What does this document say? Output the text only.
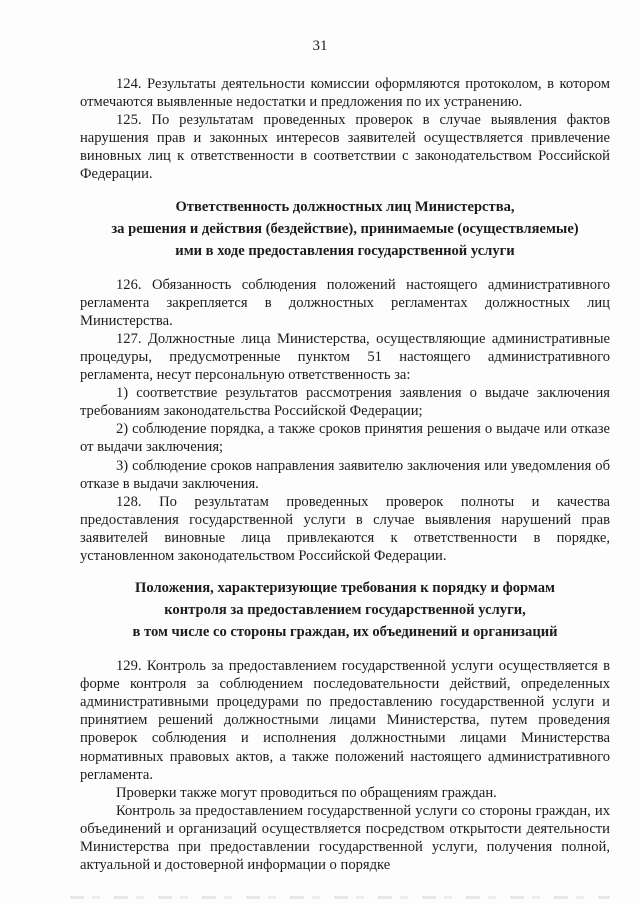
31

124. Результаты деятельности комиссии оформляются протоколом, в котором отмечаются выявленные недостатки и предложения по их устранению.

125. По результатам проведенных проверок в случае выявления фактов нарушения прав и законных интересов заявителей осуществляется привлечение виновных лиц к ответственности в соответствии с законодательством Российской Федерации.

Ответственность должностных лиц Министерства,
за решения и действия (бездействие), принимаемые (осуществляемые)
ими в ходе предоставления государственной услуги

126. Обязанность соблюдения положений настоящего административного регламента закрепляется в должностных регламентах должностных лиц Министерства.

127. Должностные лица Министерства, осуществляющие административные процедуры, предусмотренные пунктом 51 настоящего административного регламента, несут персональную ответственность за:

1) соответствие результатов рассмотрения заявления о выдаче заключения требованиям законодательства Российской Федерации;

2) соблюдение порядка, а также сроков принятия решения о выдаче или отказе от выдачи заключения;

3) соблюдение сроков направления заявителю заключения или уведомления об отказе в выдачи заключения.

128. По результатам проведенных проверок полноты и качества предоставления государственной услуги в случае выявления нарушений прав заявителей виновные лица привлекаются к ответственности в порядке, установленном законодательством Российской Федерации.

Положения, характеризующие требования к порядку и формам
контроля за предоставлением государственной услуги,
в том числе со стороны граждан, их объединений и организаций

129. Контроль за предоставлением государственной услуги осуществляется в форме контроля за соблюдением последовательности действий, определенных административными процедурами по предоставлению государственной услуги и принятием решений должностными лицами Министерства, путем проведения проверок соблюдения и исполнения должностными лицами Министерства нормативных правовых актов, а также положений настоящего административного регламента.

Проверки также могут проводиться по обращениям граждан.

Контроль за предоставлением государственной услуги со стороны граждан, их объединений и организаций осуществляется посредством открытости деятельности Министерства при предоставлении государственной услуги, получения полной, актуальной и достоверной информации о порядке
